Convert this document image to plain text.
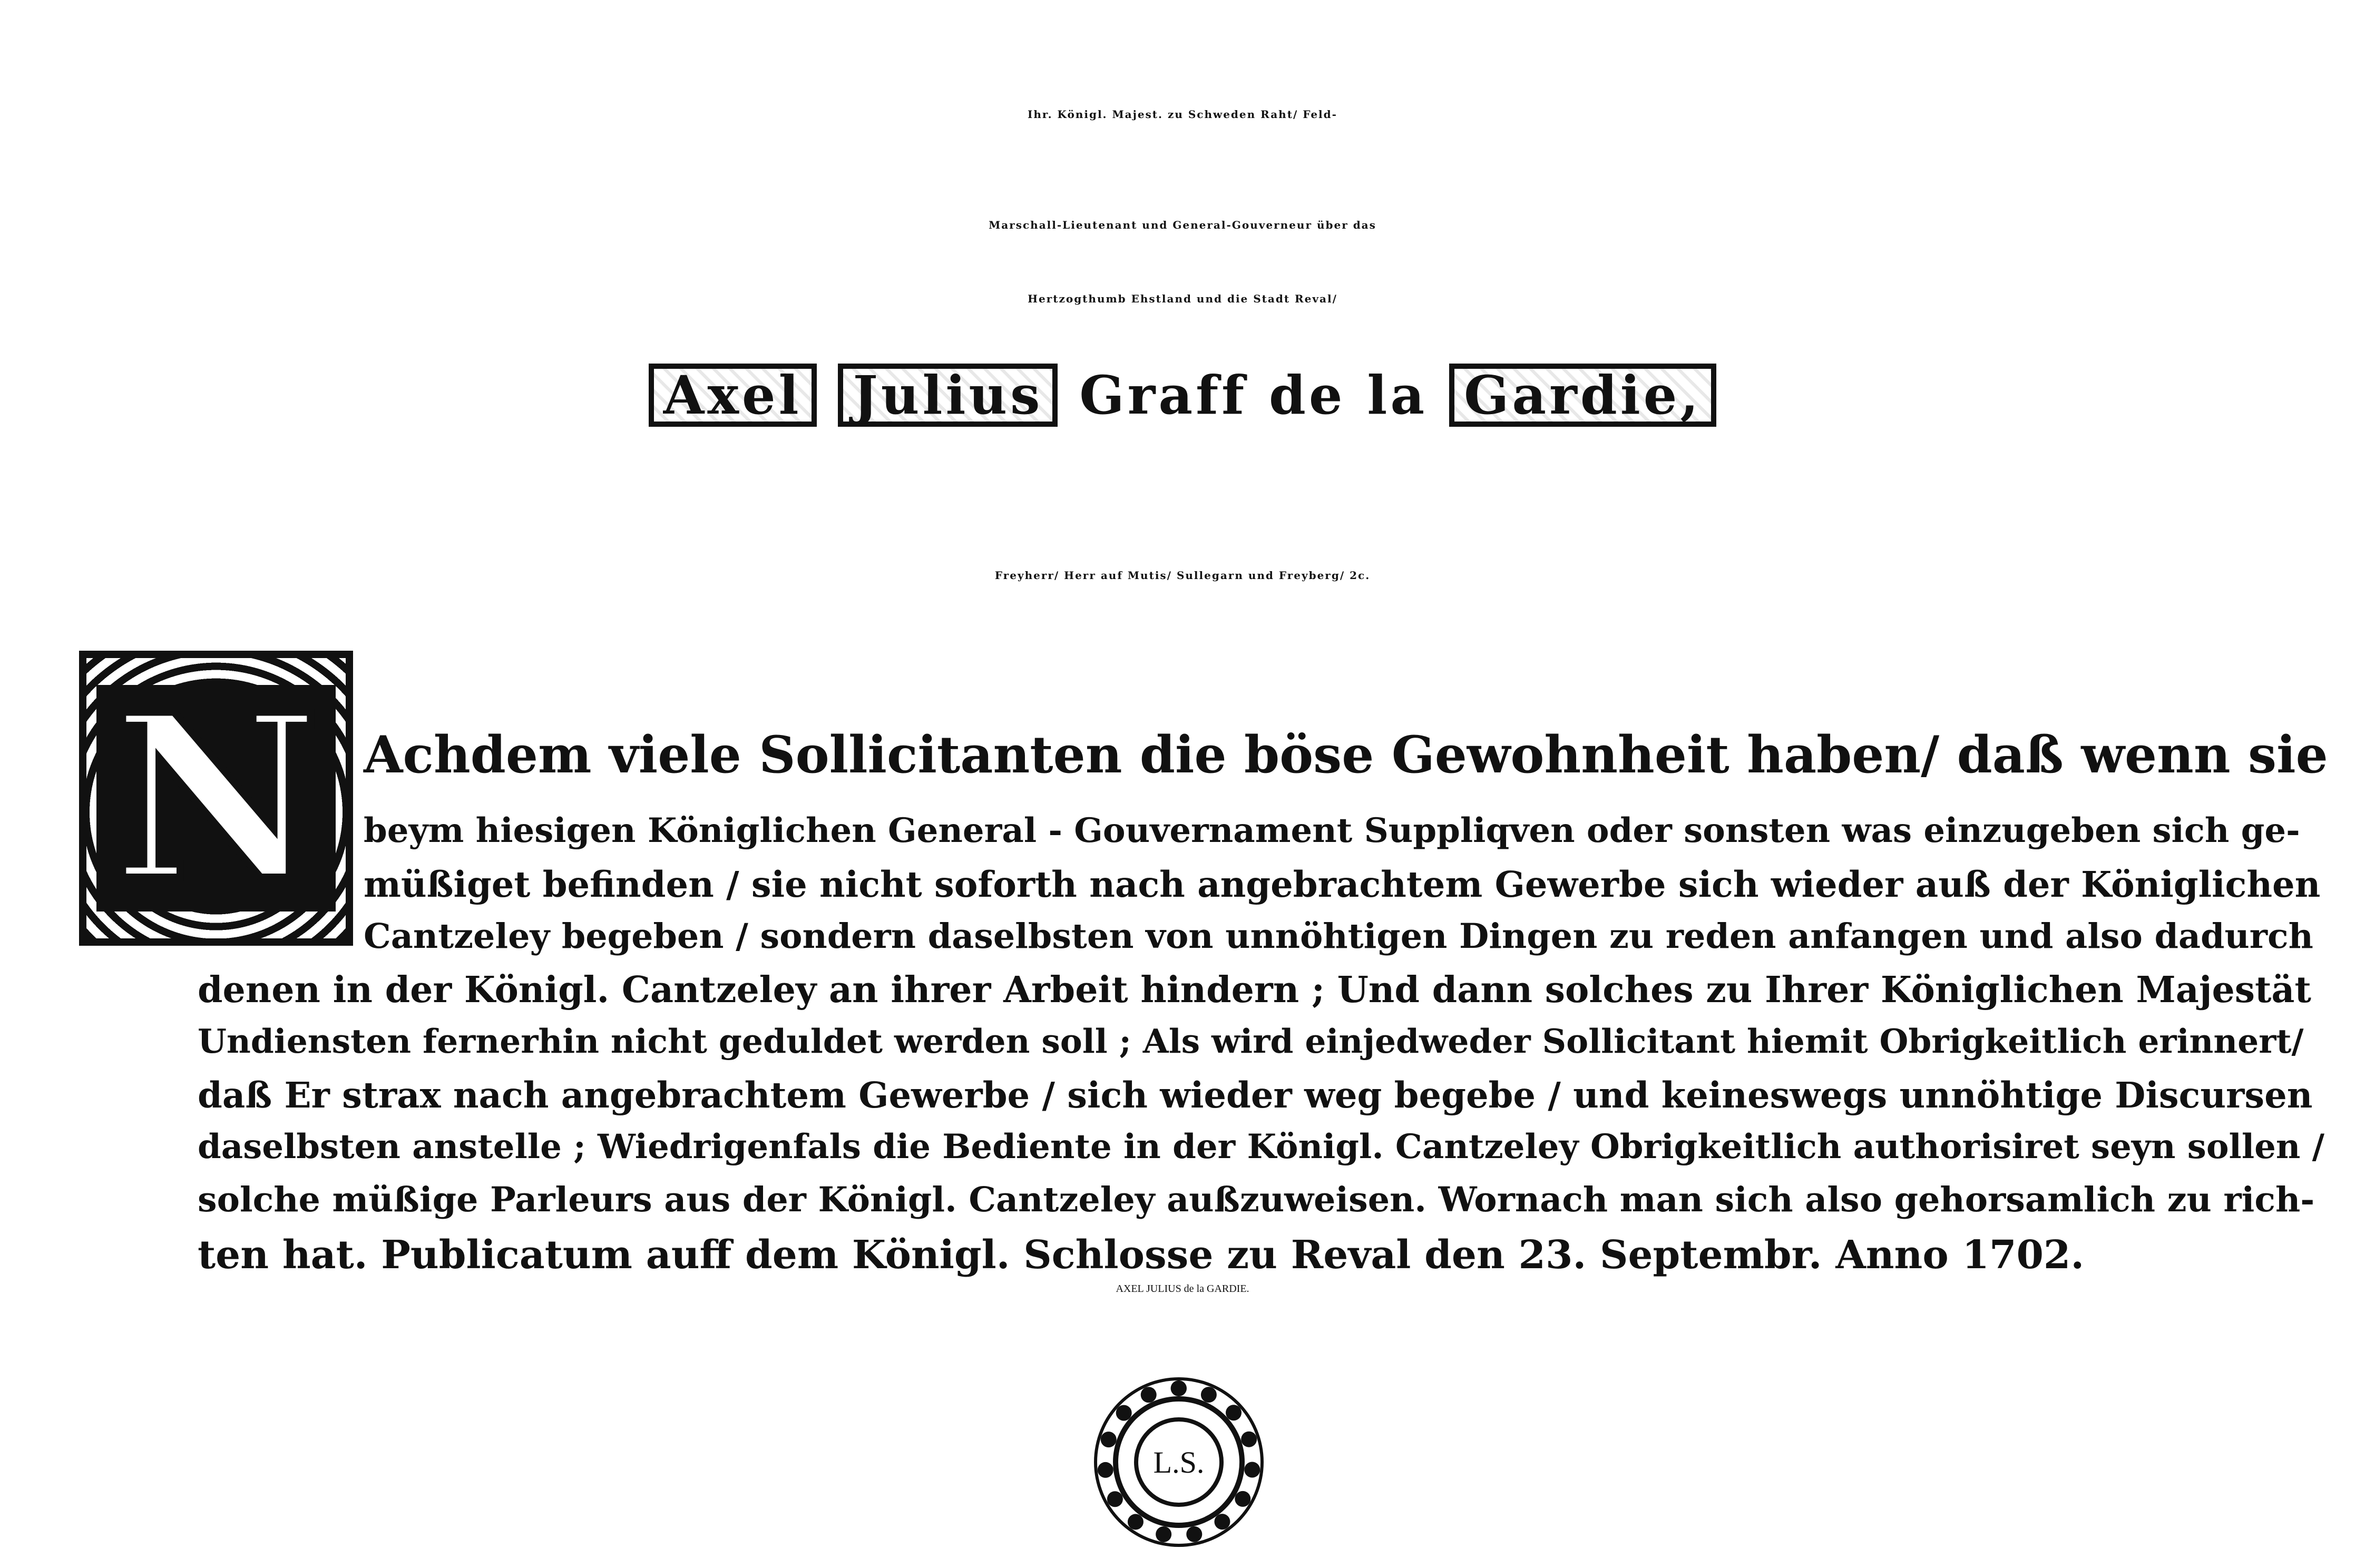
Ihr. Königl. Majest. zu Schweden Raht/ Feld-
Marschall-Lieutenant und General-Gouverneur über das
Hertzogthumb Ehstland und die Stadt Reval/
Axel Julius Graff de la Gardie,
Freyherr/ Herr auf Mutis/ Sullegarn und Freyberg/ 2c.
N Achdem viele Sollicitanten die böse Gewohnheit haben/ daß wenn sie
beym hiesigen Königlichen General - Gouvernament Suppliqven oder sonsten was einzugeben sich ge-
müßiget befinden / sie nicht soforth nach angebrachtem Gewerbe sich wieder auß der Königlichen
Cantzeley begeben / sondern daselbsten von unnöhtigen Dingen zu reden anfangen und also dadurch
denen in der Königl. Cantzeley an ihrer Arbeit hindern ; Und dann solches zu Ihrer Königlichen Majestät
Undiensten fernerhin nicht geduldet werden soll ; Als wird einjedweder Sollicitant hiemit Obrigkeitlich erinnert/
daß Er strax nach angebrachtem Gewerbe / sich wieder weg begebe / und keineswegs unnöhtige Discursen
daselbsten anstelle ; Wiedrigenfals die Bediente in der Königl. Cantzeley Obrigkeitlich authorisiret seyn sollen /
solche müßige Parleurs aus der Königl. Cantzeley außzuweisen. Wornach man sich also gehorsamlich zu rich-
ten hat. Publicatum auff dem Königl. Schlosse zu Reval den 23. Septembr. Anno 1702.
AXEL JULIUS de la GARDIE.
L.S.
